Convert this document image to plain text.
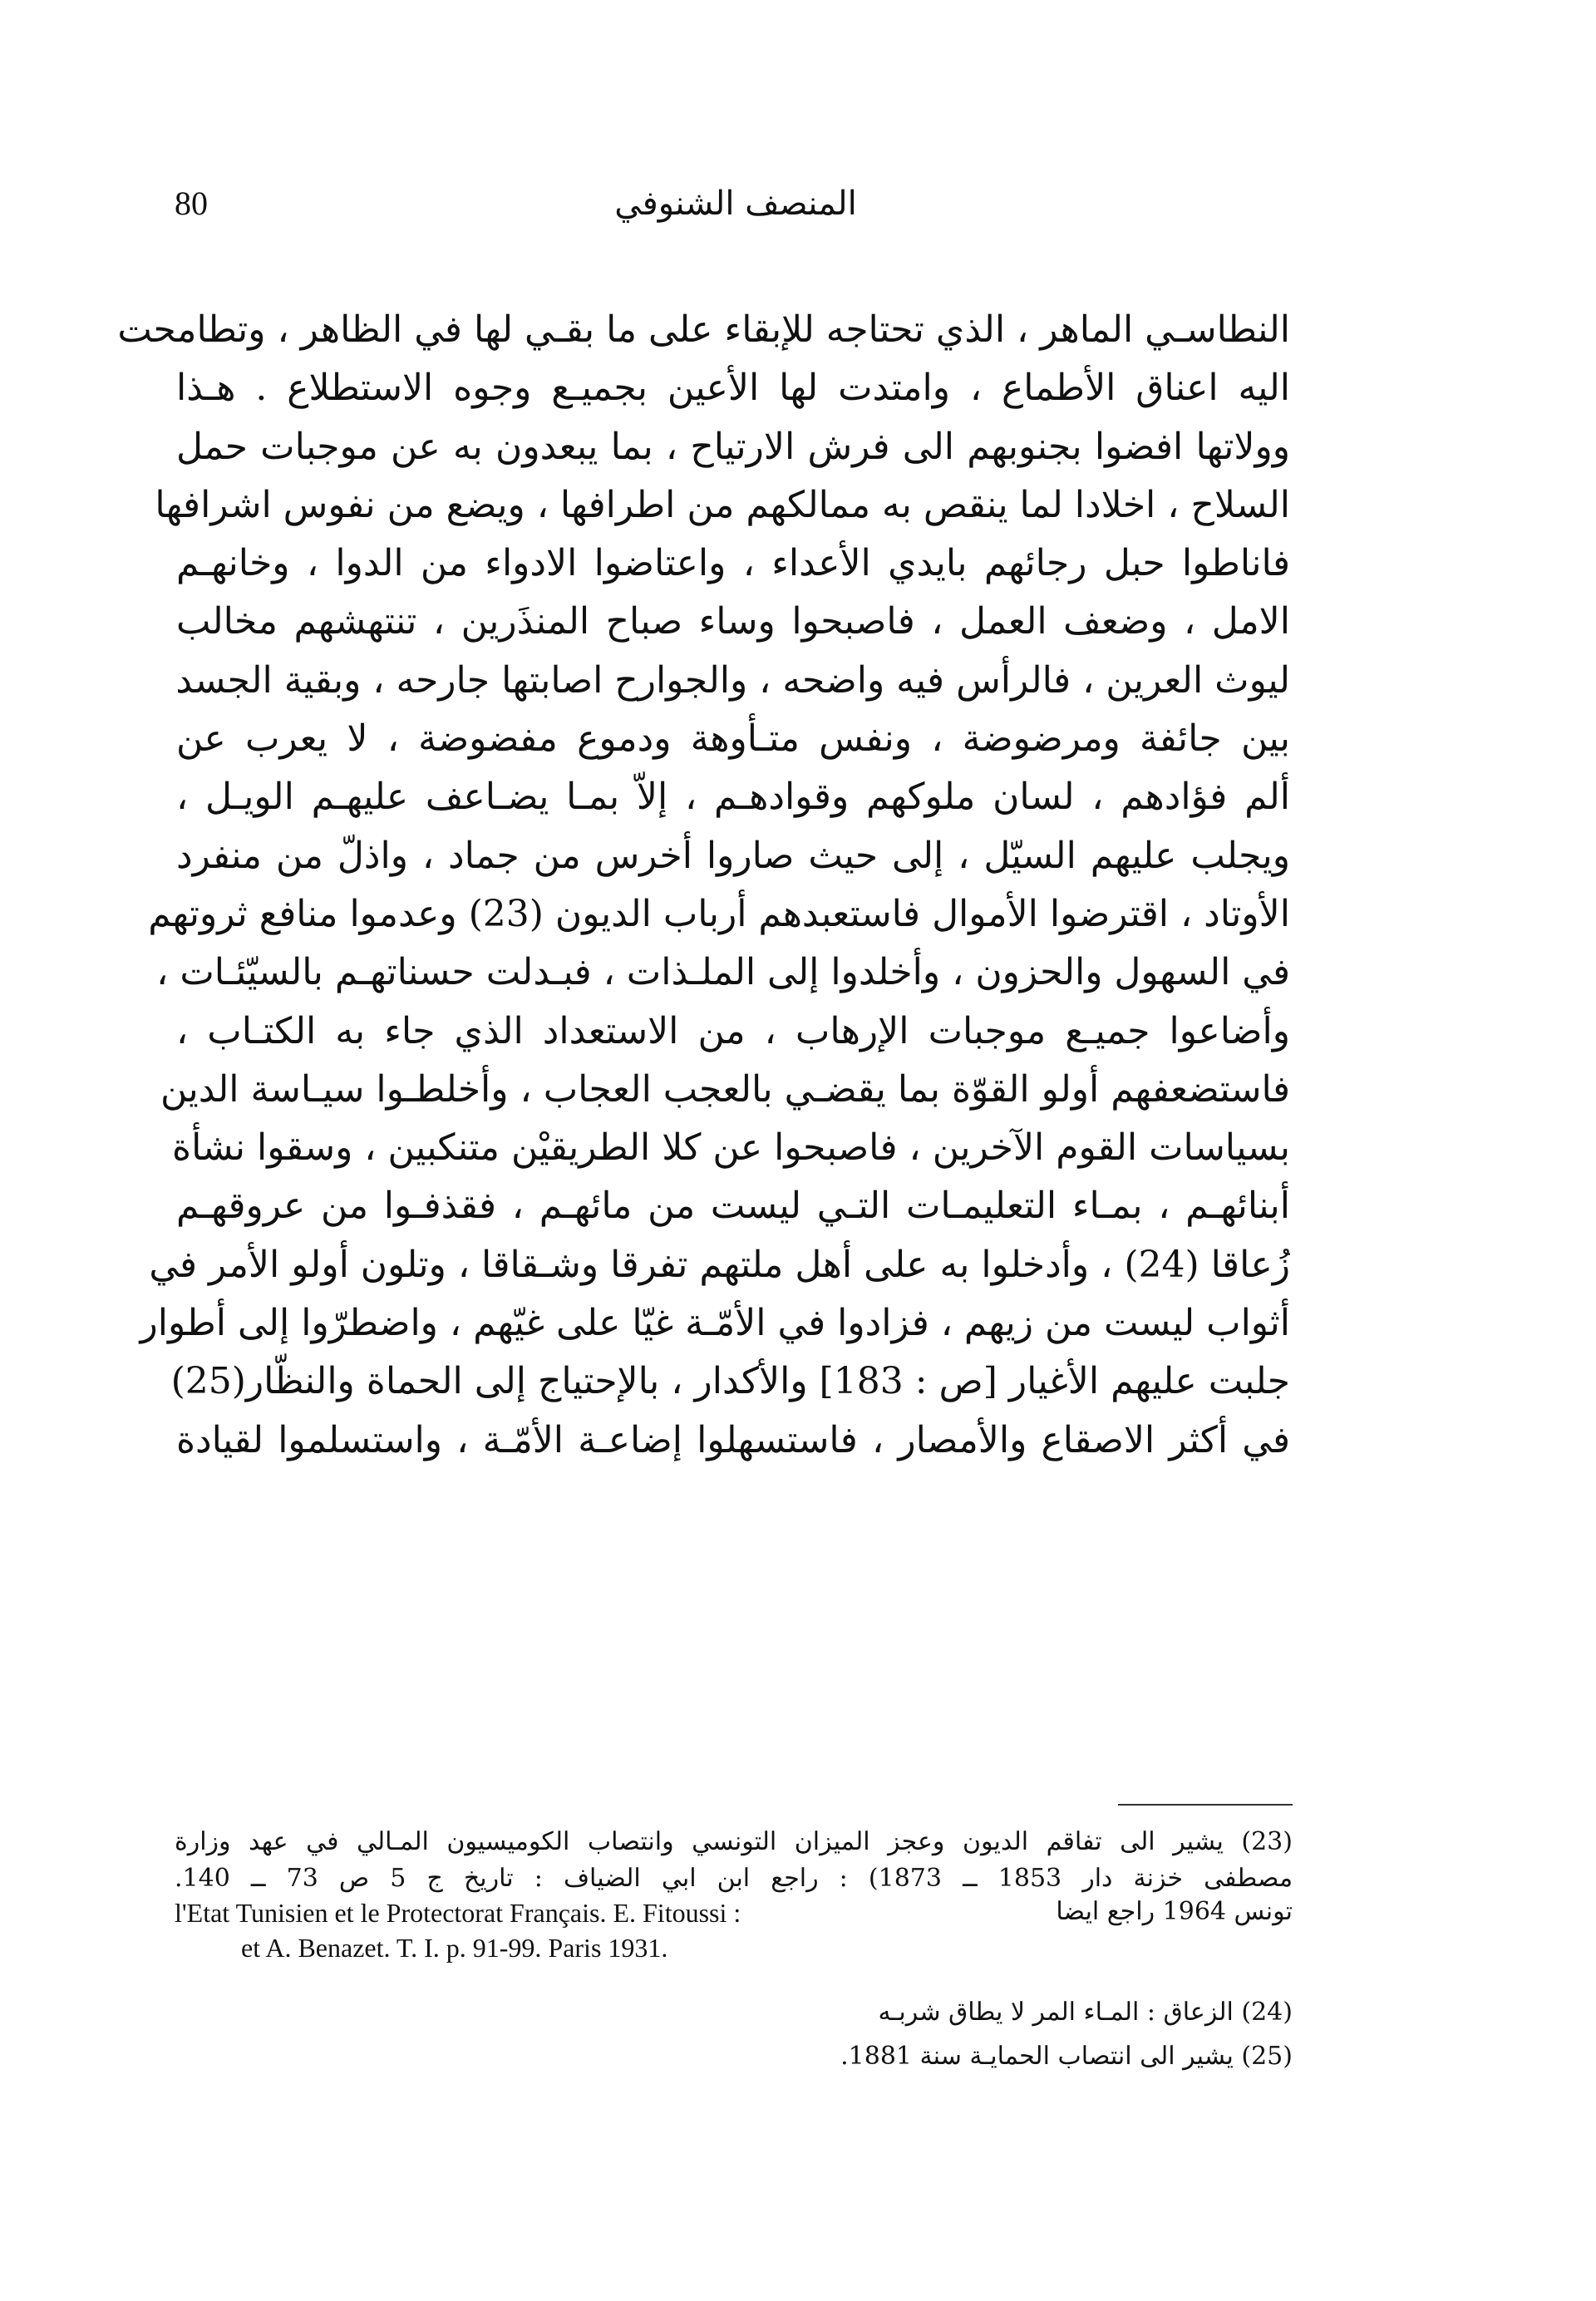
80	المنصف الشنوفي
النطاسـي الماهر ، الذي تحتاجه للإبقاء على ما بقـي لها في الظاهر ، وتطامحت
اليه اعناق الأطماع ، وامتدت لها الأعين بجميـع وجوه الاستطلاع . هـذا
وولاتها افضوا بجنوبهم الى فرش الارتياح ، بما يبعدون به عن موجبات حمل
السلاح ، اخلادا لما ينقص به ممالكهم من اطرافها ، ويضع من نفوس اشرافها
فاناطوا حبل رجائهم بايدي الأعداء ، واعتاضوا الادواء من الدوا ، وخانهـم
الامل ، وضعف العمل ، فاصبحوا وساء صباح المنذَرين ، تنتهشهم مخالب
ليوث العرين ، فالرأس فيه واضحه ، والجوارح اصابتها جارحه ، وبقية الجسد
بين جائفة ومرضوضة ، ونفس متـأوهة ودموع مفضوضة ، لا يعرب عن
ألم فؤادهم ، لسان ملوكهم وقوادهـم ، إلاّ بمـا يضـاعف عليهـم الويـل ،
ويجلب عليهم السيّل ، إلى حيث صاروا أخرس من جماد ، واذلّ من منفرد
الأوتاد ، اقترضوا الأموال فاستعبدهم أرباب الديون (23) وعدموا منافع ثروتهم
في السهول والحزون ، وأخلدوا إلى الملـذات ، فبـدلت حسناتهـم بالسيّئـات ،
وأضاعوا جميـع موجبات الإرهاب ، من الاستعداد الذي جاء به الكتـاب ،
فاستضعفهم أولو القوّة بما يقضـي بالعجب العجاب ، وأخلطـوا سيـاسة الدين
بسياسات القوم الآخرين ، فاصبحوا عن كلا الطريقيْن متنكبين ، وسقوا نشأة
أبنائهـم ، بمـاء التعليمـات التـي ليست من مائهـم ، فقذفـوا من عروقهـم
زُعاقا (24) ، وأدخلوا به على أهل ملتهم تفرقا وشـقاقا ، وتلون أولو الأمر في
أثواب ليست من زيهم ، فزادوا في الأمّـة غيّا على غيّهم ، واضطرّوا إلى أطوار
جلبت عليهم الأغيار [ص : 183] والأكدار ، بالإحتياج إلى الحماة والنظّار(25)
في أكثر الاصقاع والأمصار ، فاستسهلوا إضاعـة الأمّـة ، واستسلموا لقيادة
(23) يشير الى تفاقم الديون وعجز الميزان التونسي وانتصاب الكوميسيون المـالي في عهد وزارة
مصطفى خزنة دار 1853 ــ 1873) : راجع ابن ابي الضياف : تاريخ ج 5 ص 73 ــ 140.
l'Etat Tunisien et le Protectorat Français. E. Fitoussi :	تونس 1964 راجع ايضا
et A. Benazet. T. I. p. 91-99. Paris 1931.
(24) الزعاق : المـاء المر لا يطاق شربـه
(25) يشير الى انتصاب الحمايـة سنة 1881.
